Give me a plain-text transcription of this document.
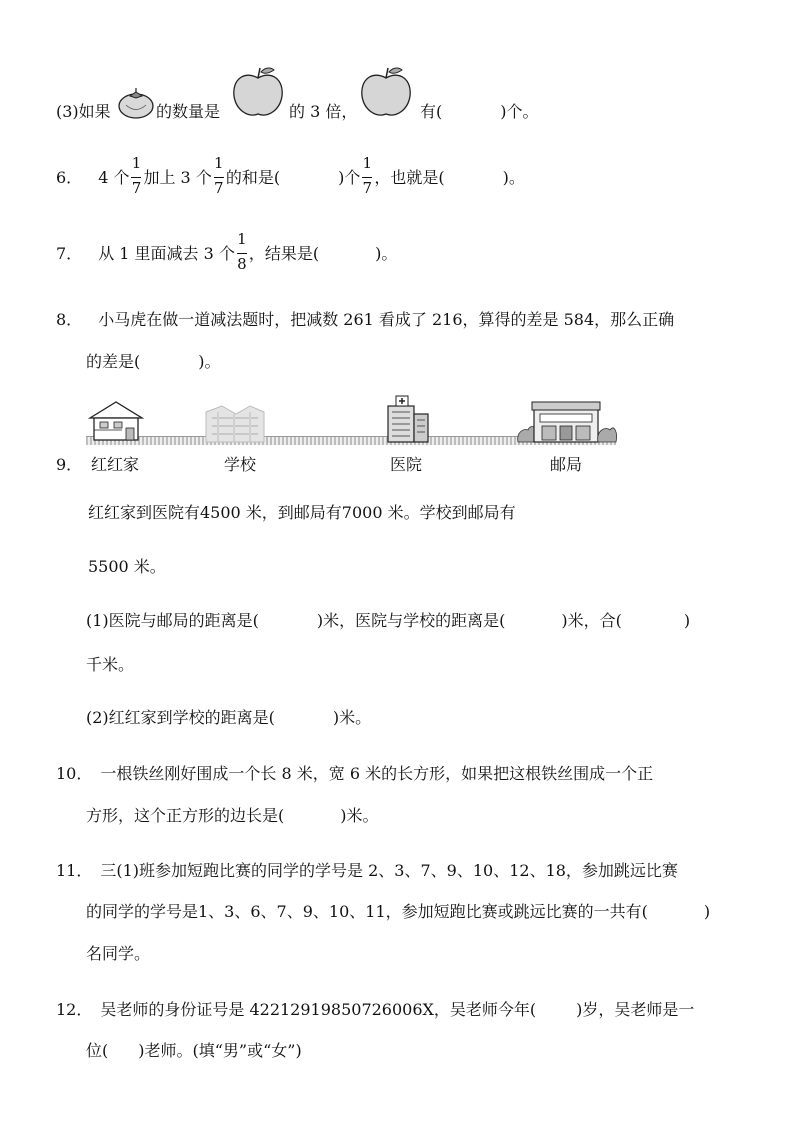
(3)如果	的数量是	的 3 倍，	有(	)个。
6． 4 个 $\frac{1}{7}$ 加上 3 个 $\frac{1}{7}$ 的和是(	)个 $\frac{1}{7}$ ，也就是(	)。
7． 从 1 里面减去 3 个 $\frac{1}{8}$ ，结果是(	)。
8． 小马虎在做一道减法题时，把减数 261 看成了 216，算得的差是 584，那么正确
的差是(	)。
9． 红红家	学校	医院	邮局
红红家到医院有4500 米，到邮局有7000 米。学校到邮局有
5500 米。
(1)医院与邮局的距离是(	)米，医院与学校的距离是(	)米，合(	)
千米。
(2)红红家到学校的距离是(	)米。
10． 一根铁丝刚好围成一个长 8 米，宽 6 米的长方形，如果把这根铁丝围成一个正
方形，这个正方形的边长是(	)米。
11． 三(1)班参加短跑比赛的同学的学号是 2、3、7、9、10、12、18，参加跳远比赛
的同学的学号是1、3、6、7、9、10、11，参加短跑比赛或跳远比赛的一共有(	)
名同学。
12． 吴老师的身份证号是 42212919850726006X，吴老师今年(	)岁，吴老师是一
位( )老师。(填“男”或“女”)
